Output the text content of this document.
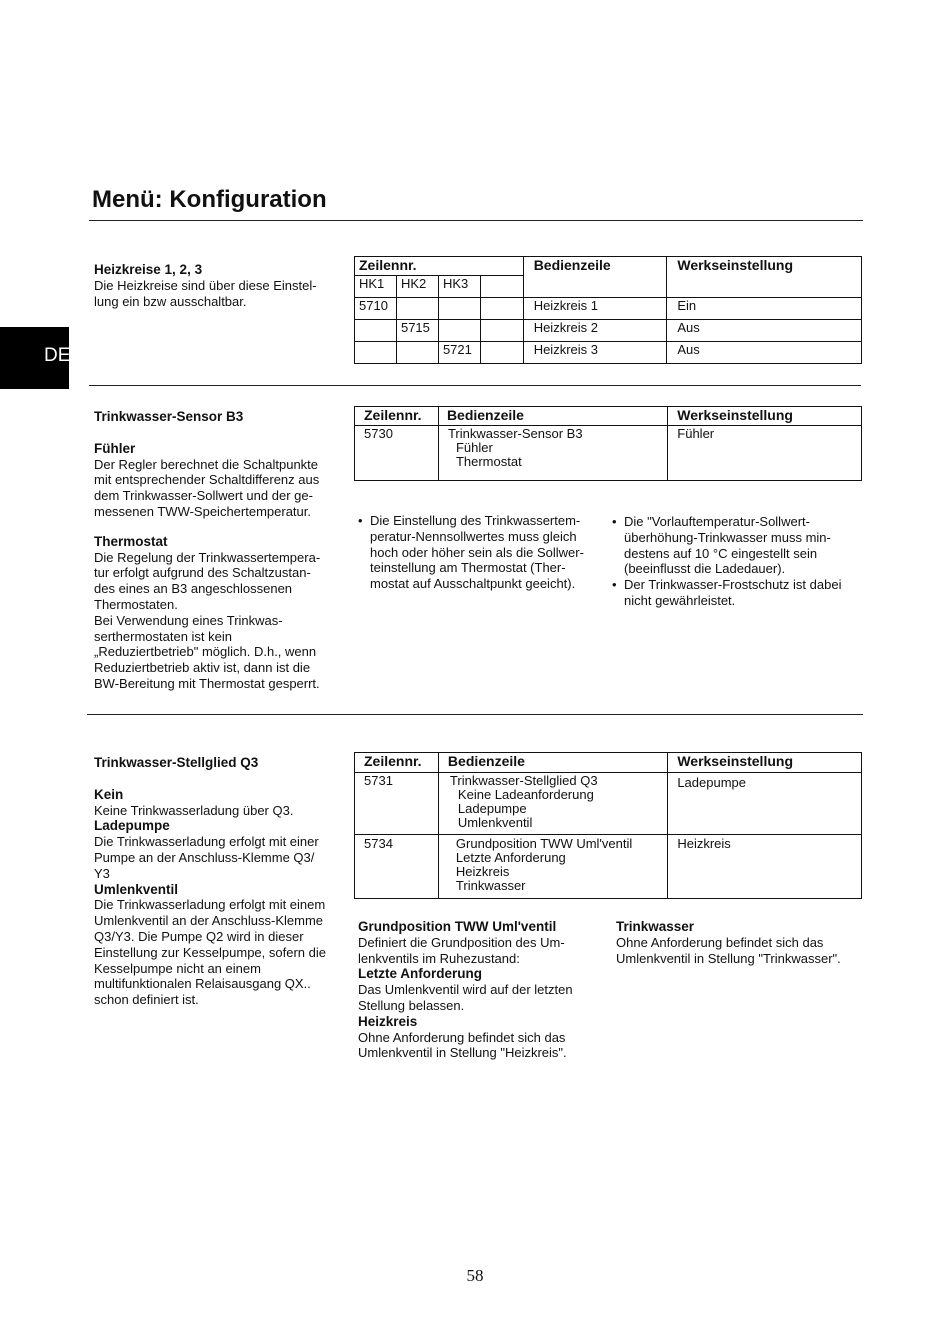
Menü: Konfiguration
DE
Heizkreise 1, 2, 3
Die Heizkreise sind über diese Einstel-
lung ein bzw ausschaltbar.
Zeilennr.				Bedienzeile	Werkseinstellung
HK1	HK2	HK3			
5710				Heizkreis 1	Ein
	5715			Heizkreis 2	Aus
		5721		Heizkreis 3	Aus
Trinkwasser-Sensor B3
Fühler
Der Regler berechnet die Schaltpunkte
mit entsprechender Schaltdifferenz aus
dem Trinkwasser-Sollwert und der ge-
messenen TWW-Speichertemperatur.
Thermostat
Die Regelung der Trinkwassertempera-
tur erfolgt aufgrund des Schaltzustan-
des eines an B3 angeschlossenen
Thermostaten.
Bei Verwendung eines Trinkwas-
serthermostaten ist kein
„Reduziertbetrieb" möglich. D.h., wenn
Reduziertbetrieb aktiv ist, dann ist die
BW-Bereitung mit Thermostat gesperrt.
Zeilennr.	Bedienzeile	Werkseinstellung
5730	Trinkwasser-Sensor B3
Fühler
Thermostat	Fühler
• Die Einstellung des Trinkwassertem-
peratur-Nennsollwertes muss gleich
hoch oder höher sein als die Sollwer-
teinstellung am Thermostat (Ther-
mostat auf Ausschaltpunkt geeicht).
• Die "Vorlauftemperatur-Sollwert-
überhöhung-Trinkwasser muss min-
destens auf 10 °C eingestellt sein
(beeinflusst die Ladedauer).
• Der Trinkwasser-Frostschutz ist dabei
nicht gewährleistet.
Trinkwasser-Stellglied Q3
Kein
Keine Trinkwasserladung über Q3.
Ladepumpe
Die Trinkwasserladung erfolgt mit einer
Pumpe an der Anschluss-Klemme Q3/
Y3
Umlenkventil
Die Trinkwasserladung erfolgt mit einem
Umlenkventil an der Anschluss-Klemme
Q3/Y3. Die Pumpe Q2 wird in dieser
Einstellung zur Kesselpumpe, sofern die
Kesselpumpe nicht an einem
multifunktionalen Relaisausgang QX..
schon definiert ist.
Zeilennr.	Bedienzeile	Werkseinstellung
5731	Trinkwasser-Stellglied Q3
Keine Ladeanforderung
Ladepumpe
Umlenkventil	Ladepumpe
5734	Grundposition TWW Uml'ventil
Letzte Anforderung
Heizkreis
Trinkwasser	Heizkreis
Grundposition TWW Uml'ventil
Definiert die Grundposition des Um-
lenkventils im Ruhezustand:
Letzte Anforderung
Das Umlenkventil wird auf der letzten
Stellung belassen.
Heizkreis
Ohne Anforderung befindet sich das
Umlenkventil in Stellung "Heizkreis".
Trinkwasser
Ohne Anforderung befindet sich das
Umlenkventil in Stellung "Trinkwasser".
58
